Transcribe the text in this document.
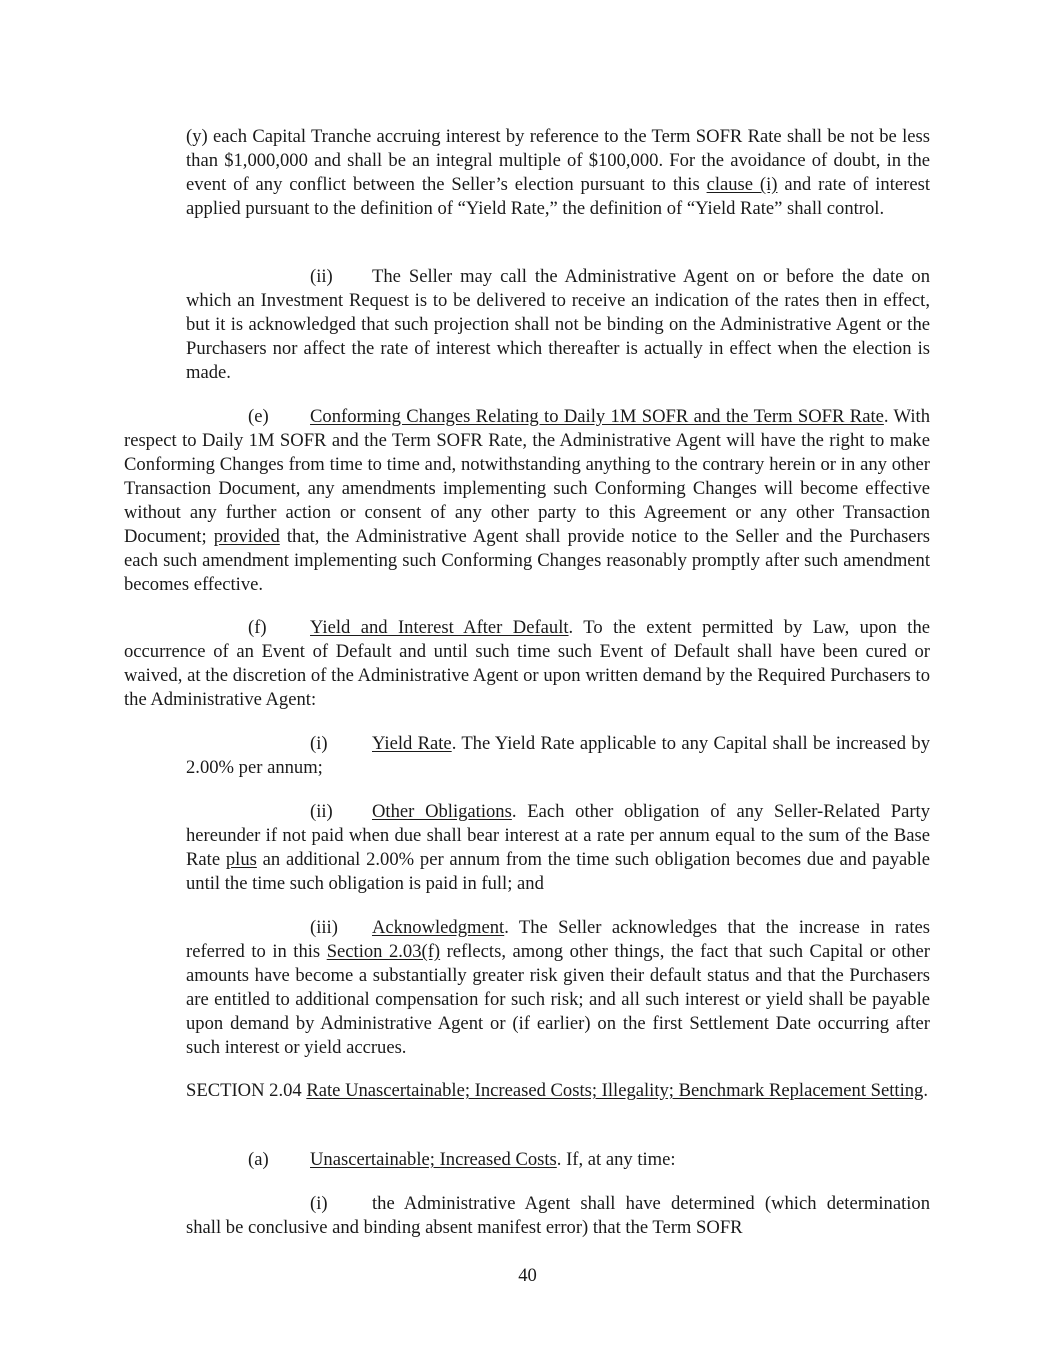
(y) each Capital Tranche accruing interest by reference to the Term SOFR Rate shall be not be less than $1,000,000 and shall be an integral multiple of $100,000. For the avoidance of doubt, in the event of any conflict between the Seller’s election pursuant to this clause (i) and rate of interest applied pursuant to the definition of “Yield Rate,” the definition of “Yield Rate” shall control.

(ii) The Seller may call the Administrative Agent on or before the date on which an Investment Request is to be delivered to receive an indication of the rates then in effect, but it is acknowledged that such projection shall not be binding on the Administrative Agent or the Purchasers nor affect the rate of interest which thereafter is actually in effect when the election is made.

(e) Conforming Changes Relating to Daily 1M SOFR and the Term SOFR Rate. With respect to Daily 1M SOFR and the Term SOFR Rate, the Administrative Agent will have the right to make Conforming Changes from time to time and, notwithstanding anything to the contrary herein or in any other Transaction Document, any amendments implementing such Conforming Changes will become effective without any further action or consent of any other party to this Agreement or any other Transaction Document; provided that, the Administrative Agent shall provide notice to the Seller and the Purchasers each such amendment implementing such Conforming Changes reasonably promptly after such amendment becomes effective.

(f) Yield and Interest After Default. To the extent permitted by Law, upon the occurrence of an Event of Default and until such time such Event of Default shall have been cured or waived, at the discretion of the Administrative Agent or upon written demand by the Required Purchasers to the Administrative Agent:

(i) Yield Rate. The Yield Rate applicable to any Capital shall be increased by 2.00% per annum;

(ii) Other Obligations. Each other obligation of any Seller-Related Party hereunder if not paid when due shall bear interest at a rate per annum equal to the sum of the Base Rate plus an additional 2.00% per annum from the time such obligation becomes due and payable until the time such obligation is paid in full; and

(iii) Acknowledgment. The Seller acknowledges that the increase in rates referred to in this Section 2.03(f) reflects, among other things, the fact that such Capital or other amounts have become a substantially greater risk given their default status and that the Purchasers are entitled to additional compensation for such risk; and all such interest or yield shall be payable upon demand by Administrative Agent or (if earlier) on the first Settlement Date occurring after such interest or yield accrues.

SECTION 2.04 Rate Unascertainable; Increased Costs; Illegality; Benchmark Replacement Setting.

(a) Unascertainable; Increased Costs. If, at any time:

(i) the Administrative Agent shall have determined (which determination shall be conclusive and binding absent manifest error) that the Term SOFR

40
